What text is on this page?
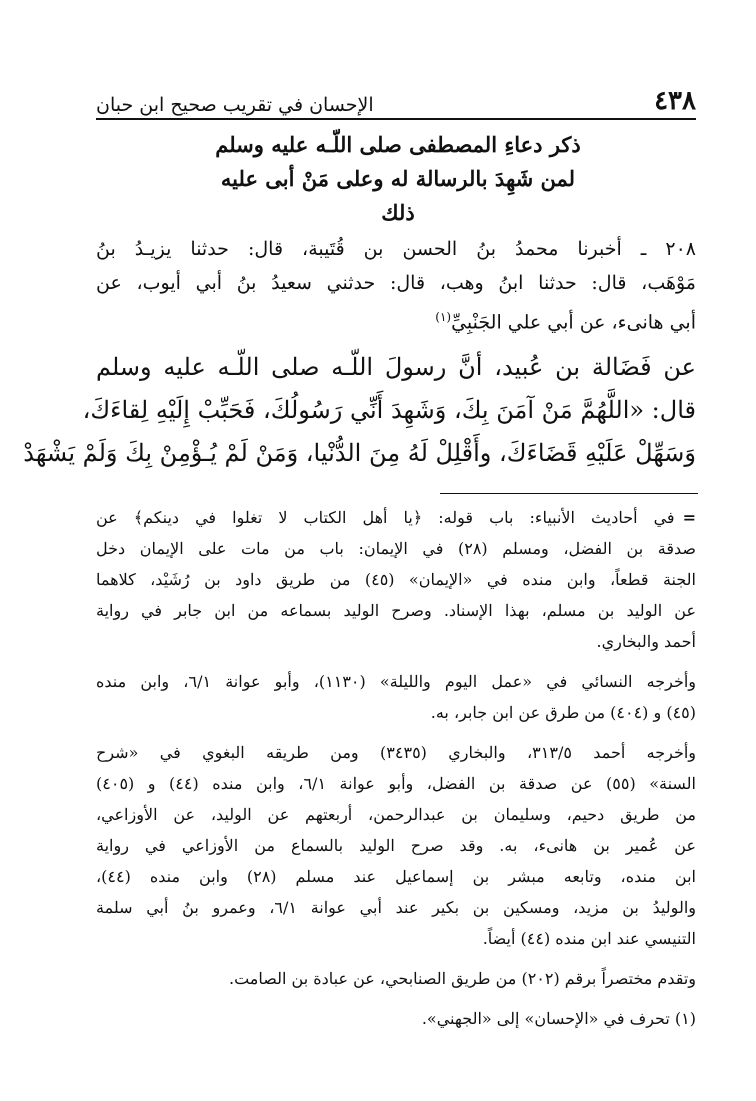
٤٣٨
الإحسان في تقريب صحيح ابن حبان
ذكر دعاءِ المصطفى صلى اللّـه عليه وسلم
لمن شَهِدَ بالرسالة له وعلى مَنْ أبى عليه
ذلك
٢٠٨ ـ أخبرنا محمدُ بنُ الحسن بن قُتَيبة، قال: حدثنا يزيـدُ بنُ
مَوْهَب، قال: حدثنا ابنُ وهب، قال: حدثني سعيدُ بنُ أبي أيوب، عن
أبي هانىء، عن أبي علي الجَنْبِيِّ$^{(١)}$
عن فَضَالة بن عُبيد، أنَّ رسولَ اللّـه صلى اللّـه عليه وسلم
قال: «اللَّهُمَّ مَنْ آمَنَ بِكَ، وَشَهِدَ أَنِّي رَسُولُكَ، فَحَبِّبْ إِلَيْهِ لِقاءَكَ،
وَسَهِّلْ عَلَيْهِ قَضَاءَكَ، وأَقْلِلْ لَهُ مِنَ الدُّنْيا، وَمَنْ لَمْ يُـؤْمِنْ بِكَ وَلَمْ يَشْهَدْ
=في أحاديث الأنبياء: باب قوله: ﴿يا أهل الكتاب لا تغلوا في دينكم﴾ عن
صدقة بن الفضل، ومسلم (٢٨) في الإيمان: باب من مات على الإيمان دخل
الجنة قطعاً، وابن منده في «الإيمان» (٤٥) من طريق داود بن رُشَيْد، كلاهما
عن الوليد بن مسلم، بهذا الإسناد. وصرح الوليد بسماعه من ابن جابر في رواية
أحمد والبخاري.
وأخرجه النسائي في «عمل اليوم والليلة» (١١٣٠)، وأبو عوانة ٦/١، وابن منده
(٤٥) و (٤٠٤) من طرق عن ابن جابر، به.
وأخرجه أحمد ٣١٣/٥، والبخاري (٣٤٣٥) ومن طريقه البغوي في «شرح
السنة» (٥٥) عن صدقة بن الفضل، وأبو عوانة ٦/١، وابن منده (٤٤) و (٤٠٥)
من طريق دحيم، وسليمان بن عبدالرحمن، أربعتهم عن الوليد، عن الأوزاعي،
عن عُمير بن هانىء، به. وقد صرح الوليد بالسماع من الأوزاعي في رواية
ابن منده، وتابعه مبشر بن إسماعيل عند مسلم (٢٨) وابن منده (٤٤)،
والوليدُ بن مزيد، ومسكين بن بكير عند أبي عوانة ٦/١، وعمرو بنُ أبي سلمة
التنيسي عند ابن منده (٤٤) أيضاً.
وتقدم مختصراً برقم (٢٠٢) من طريق الصنابحي، عن عبادة بن الصامت.
(١) تحرف في «الإحسان» إلى «الجهني».
